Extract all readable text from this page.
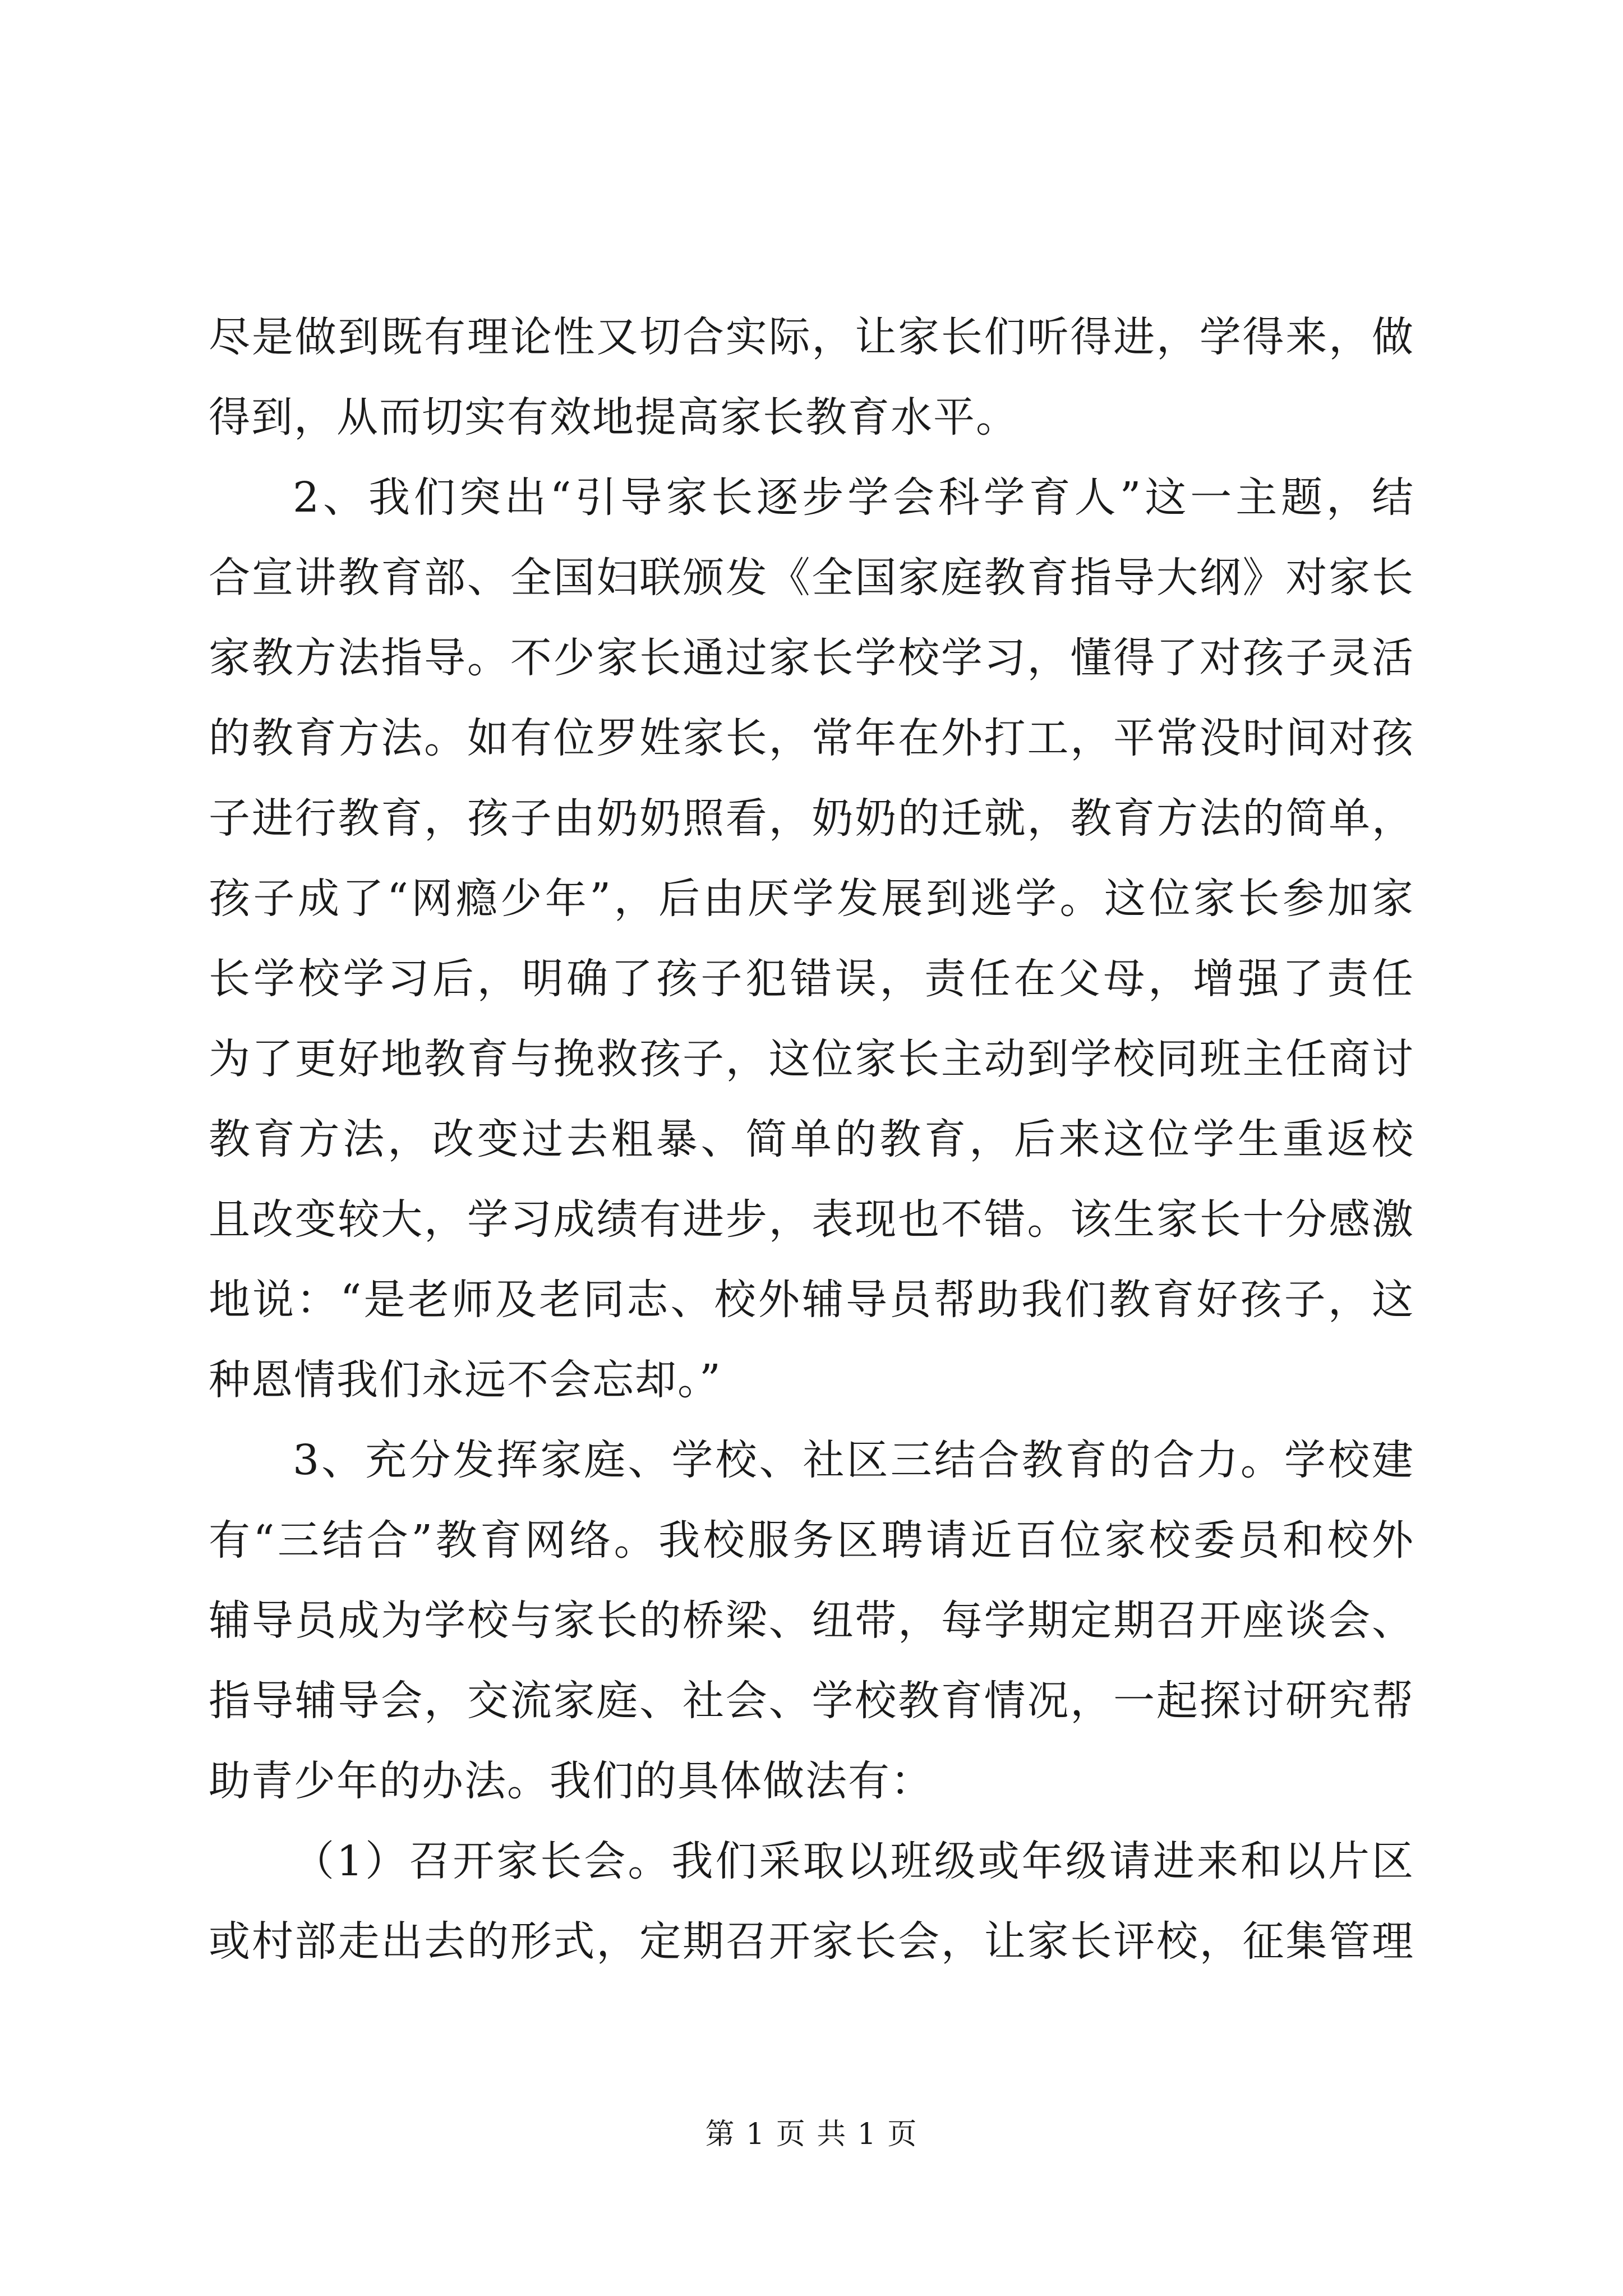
尽是做到既有理论性又切合实际，让家长们听得进，学得来，做
得到，从而切实有效地提高家长教育水平。
2、我们突出“引导家长逐步学会科学育人”这一主题，结
合宣讲教育部、全国妇联颁发《全国家庭教育指导大纲》对家长
家教方法指导。不少家长通过家长学校学习，懂得了对孩子灵活
的教育方法。如有位罗姓家长，常年在外打工，平常没时间对孩
子进行教育，孩子由奶奶照看，奶奶的迁就，教育方法的简单，
孩子成了“网瘾少年”，后由厌学发展到逃学。这位家长参加家
长学校学习后，明确了孩子犯错误，责任在父母，增强了责任
为了更好地教育与挽救孩子，这位家长主动到学校同班主任商讨
教育方法，改变过去粗暴、简单的教育，后来这位学生重返校
且改变较大，学习成绩有进步，表现也不错。该生家长十分感激
地说：“是老师及老同志、校外辅导员帮助我们教育好孩子，这
种恩情我们永远不会忘却。”
3、充分发挥家庭、学校、社区三结合教育的合力。学校建
有“三结合”教育网络。我校服务区聘请近百位家校委员和校外
辅导员成为学校与家长的桥梁、纽带，每学期定期召开座谈会、
指导辅导会，交流家庭、社会、学校教育情况，一起探讨研究帮
助青少年的办法。我们的具体做法有：
（1）召开家长会。我们采取以班级或年级请进来和以片区
或村部走出去的形式，定期召开家长会，让家长评校，征集管理
第 1 页 共 1 页
